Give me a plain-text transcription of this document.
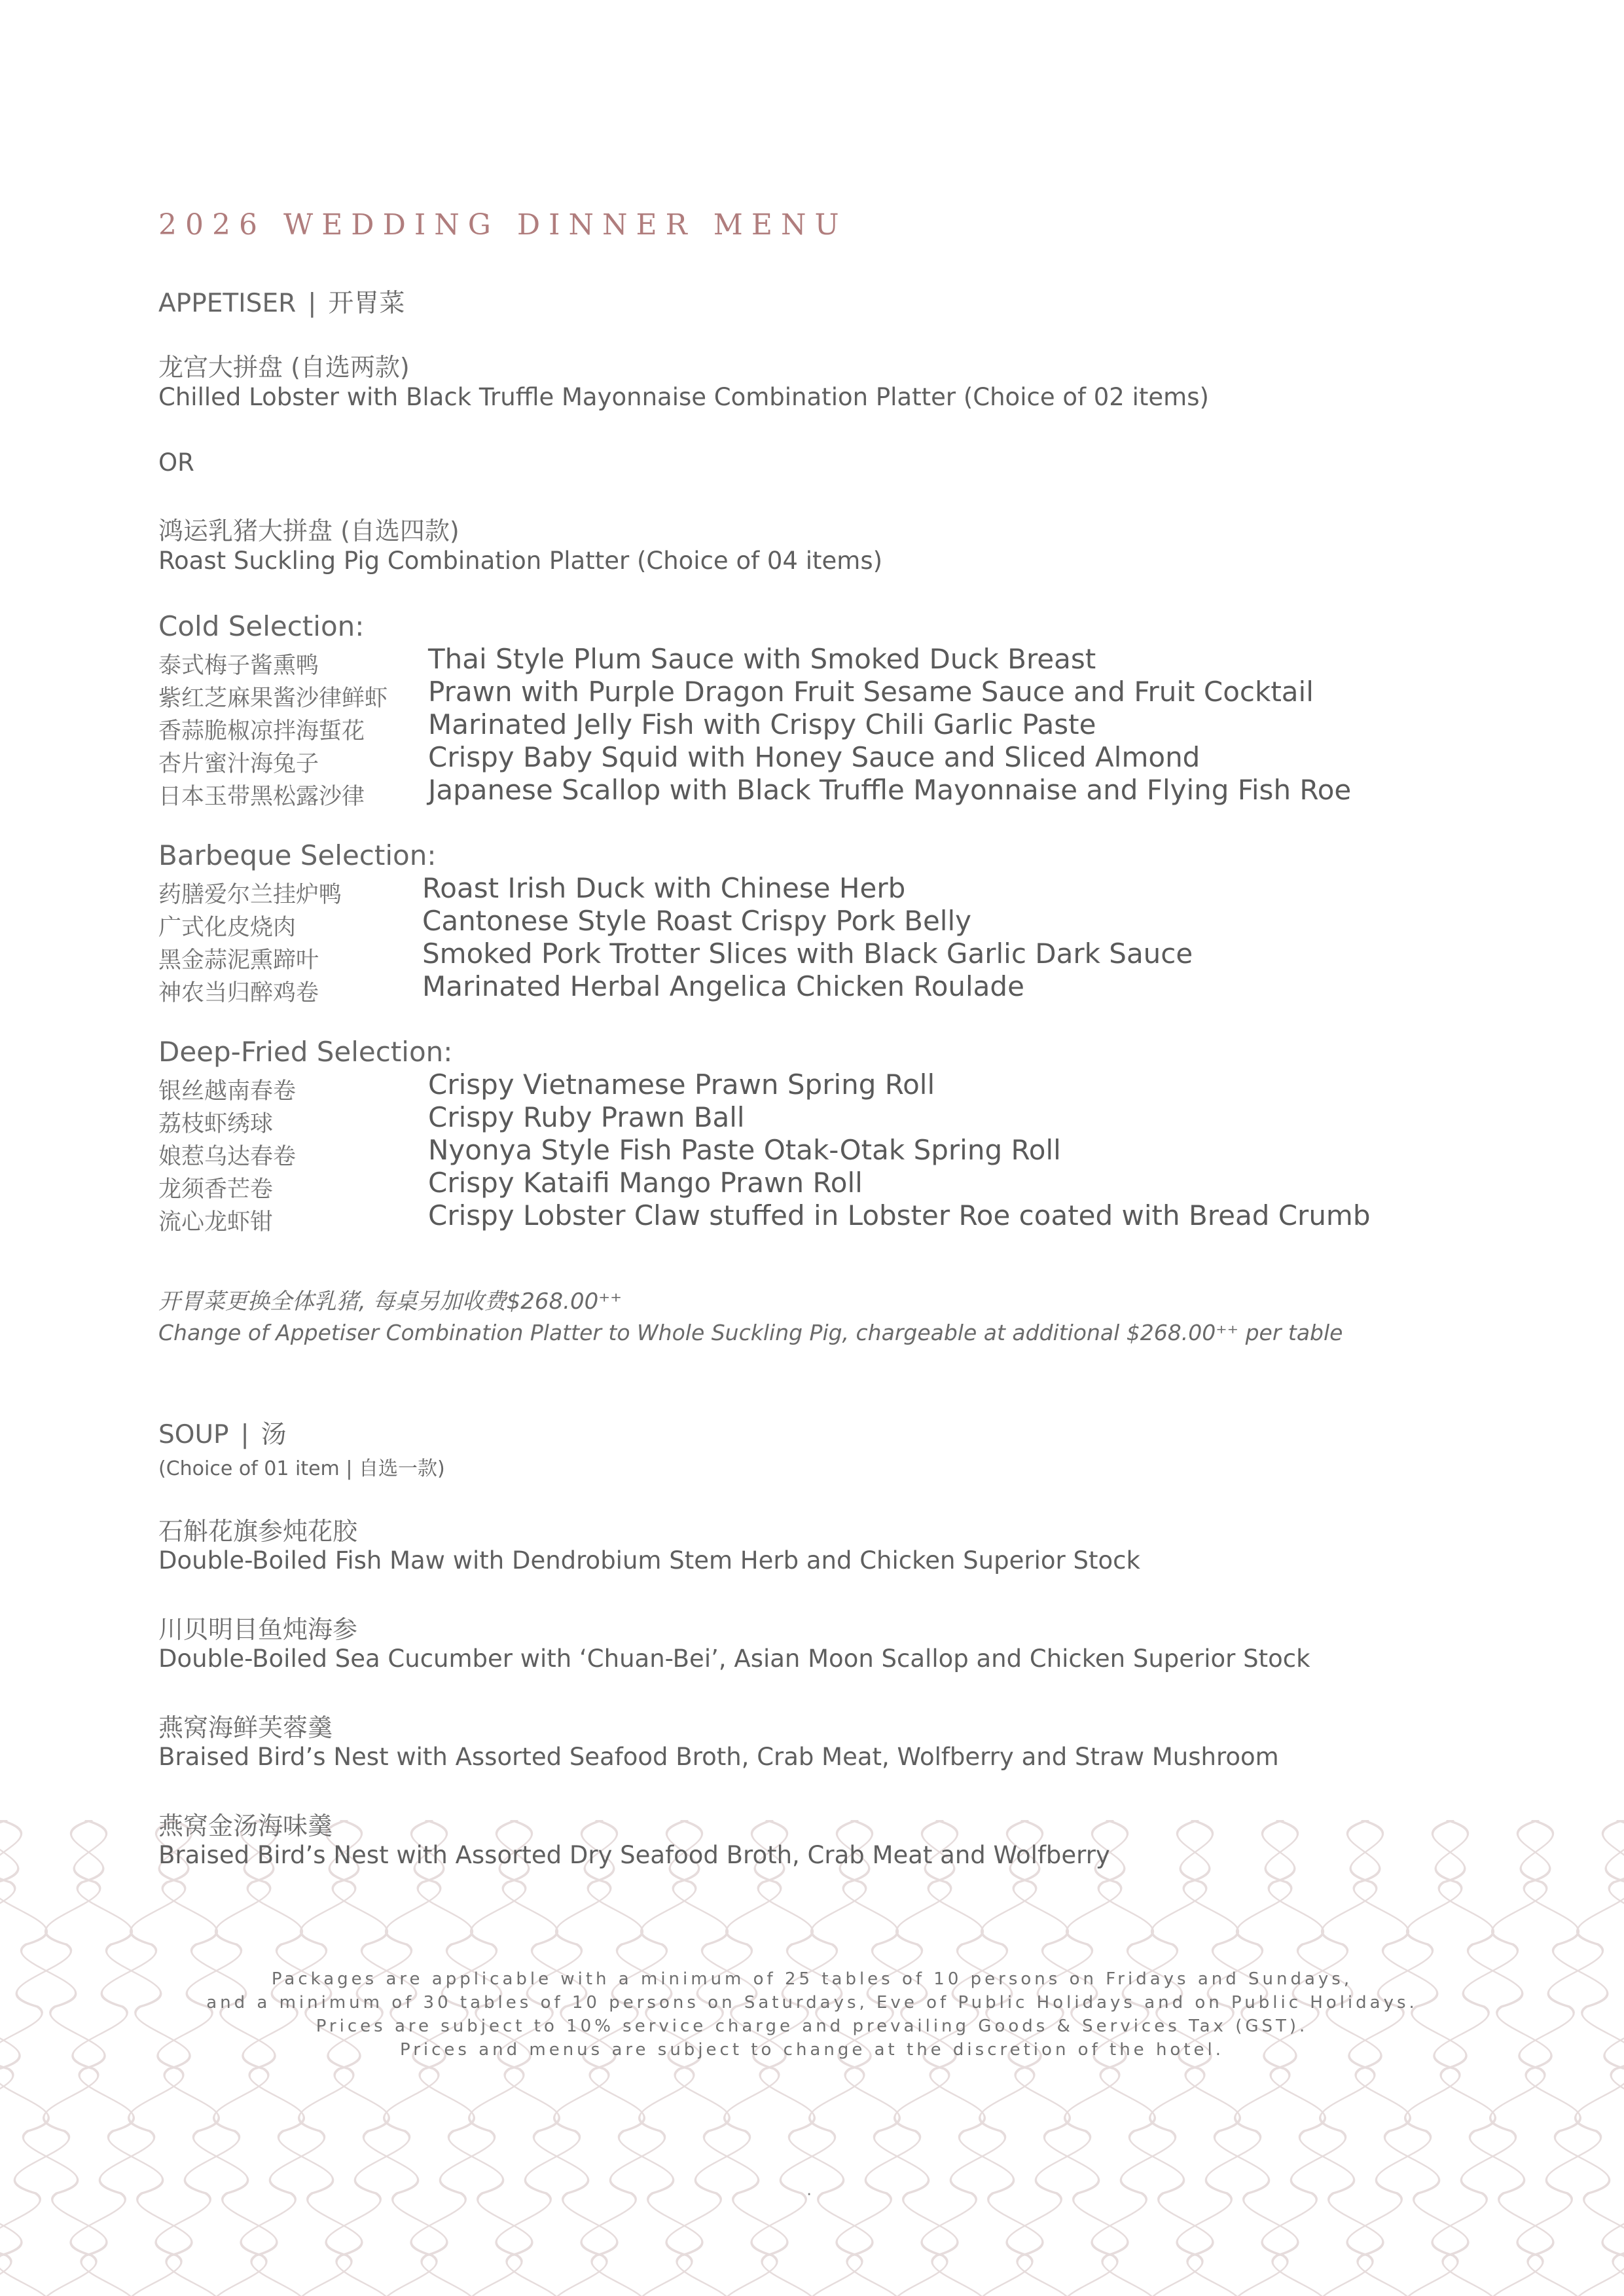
2026 WEDDING DINNER MENU
APPETISER | 开胃菜
龙宫大拼盘 (自选两款)
Chilled Lobster with Black Truffle Mayonnaise Combination Platter (Choice of 02 items)
OR
鸿运乳猪大拼盘 (自选四款)
Roast Suckling Pig Combination Platter (Choice of 04 items)
Cold Selection:
泰式梅子酱熏鸭	Thai Style Plum Sauce with Smoked Duck Breast
紫红芝麻果酱沙律鲜虾 Prawn with Purple Dragon Fruit Sesame Sauce and Fruit Cocktail
香蒜脆椒凉拌海蜇花 Marinated Jelly Fish with Crispy Chili Garlic Paste
杏片蜜汁海兔子	Crispy Baby Squid with Honey Sauce and Sliced Almond
日本玉带黑松露沙律 Japanese Scallop with Black Truffle Mayonnaise and Flying Fish Roe
Barbeque Selection:
药膳爱尔兰挂炉鸭	Roast Irish Duck with Chinese Herb
广式化皮烧肉	Cantonese Style Roast Crispy Pork Belly
黑金蒜泥熏蹄叶	Smoked Pork Trotter Slices with Black Garlic Dark Sauce
神农当归醉鸡卷	Marinated Herbal Angelica Chicken Roulade
Deep-Fried Selection:
银丝越南春卷	Crispy Vietnamese Prawn Spring Roll
荔枝虾绣球	Crispy Ruby Prawn Ball
娘惹乌达春卷	Nyonya Style Fish Paste Otak-Otak Spring Roll
龙须香芒卷	Crispy Kataifi Mango Prawn Roll
流心龙虾钳	Crispy Lobster Claw stuffed in Lobster Roe coated with Bread Crumb
开胃菜更换全体乳猪, 每桌另加收费$268.00⁺⁺
Change of Appetiser Combination Platter to Whole Suckling Pig, chargeable at additional $268.00⁺⁺ per table
SOUP | 汤
(Choice of 01 item | 自选一款)
石斛花旗参炖花胶
Double-Boiled Fish Maw with Dendrobium Stem Herb and Chicken Superior Stock
川贝明目鱼炖海参
Double-Boiled Sea Cucumber with ‘Chuan-Bei’, Asian Moon Scallop and Chicken Superior Stock
燕窝海鲜芙蓉羹
Braised Bird’s Nest with Assorted Seafood Broth, Crab Meat, Wolfberry and Straw Mushroom
燕窝金汤海味羹
Braised Bird’s Nest with Assorted Dry Seafood Broth, Crab Meat and Wolfberry
Packages are applicable with a minimum of 25 tables of 10 persons on Fridays and Sundays,
and a minimum of 30 tables of 10 persons on Saturdays, Eve of Public Holidays and on Public Holidays.
Prices are subject to 10% service charge and prevailing Goods & Services Tax (GST).
Prices and menus are subject to change at the discretion of the hotel.
.
